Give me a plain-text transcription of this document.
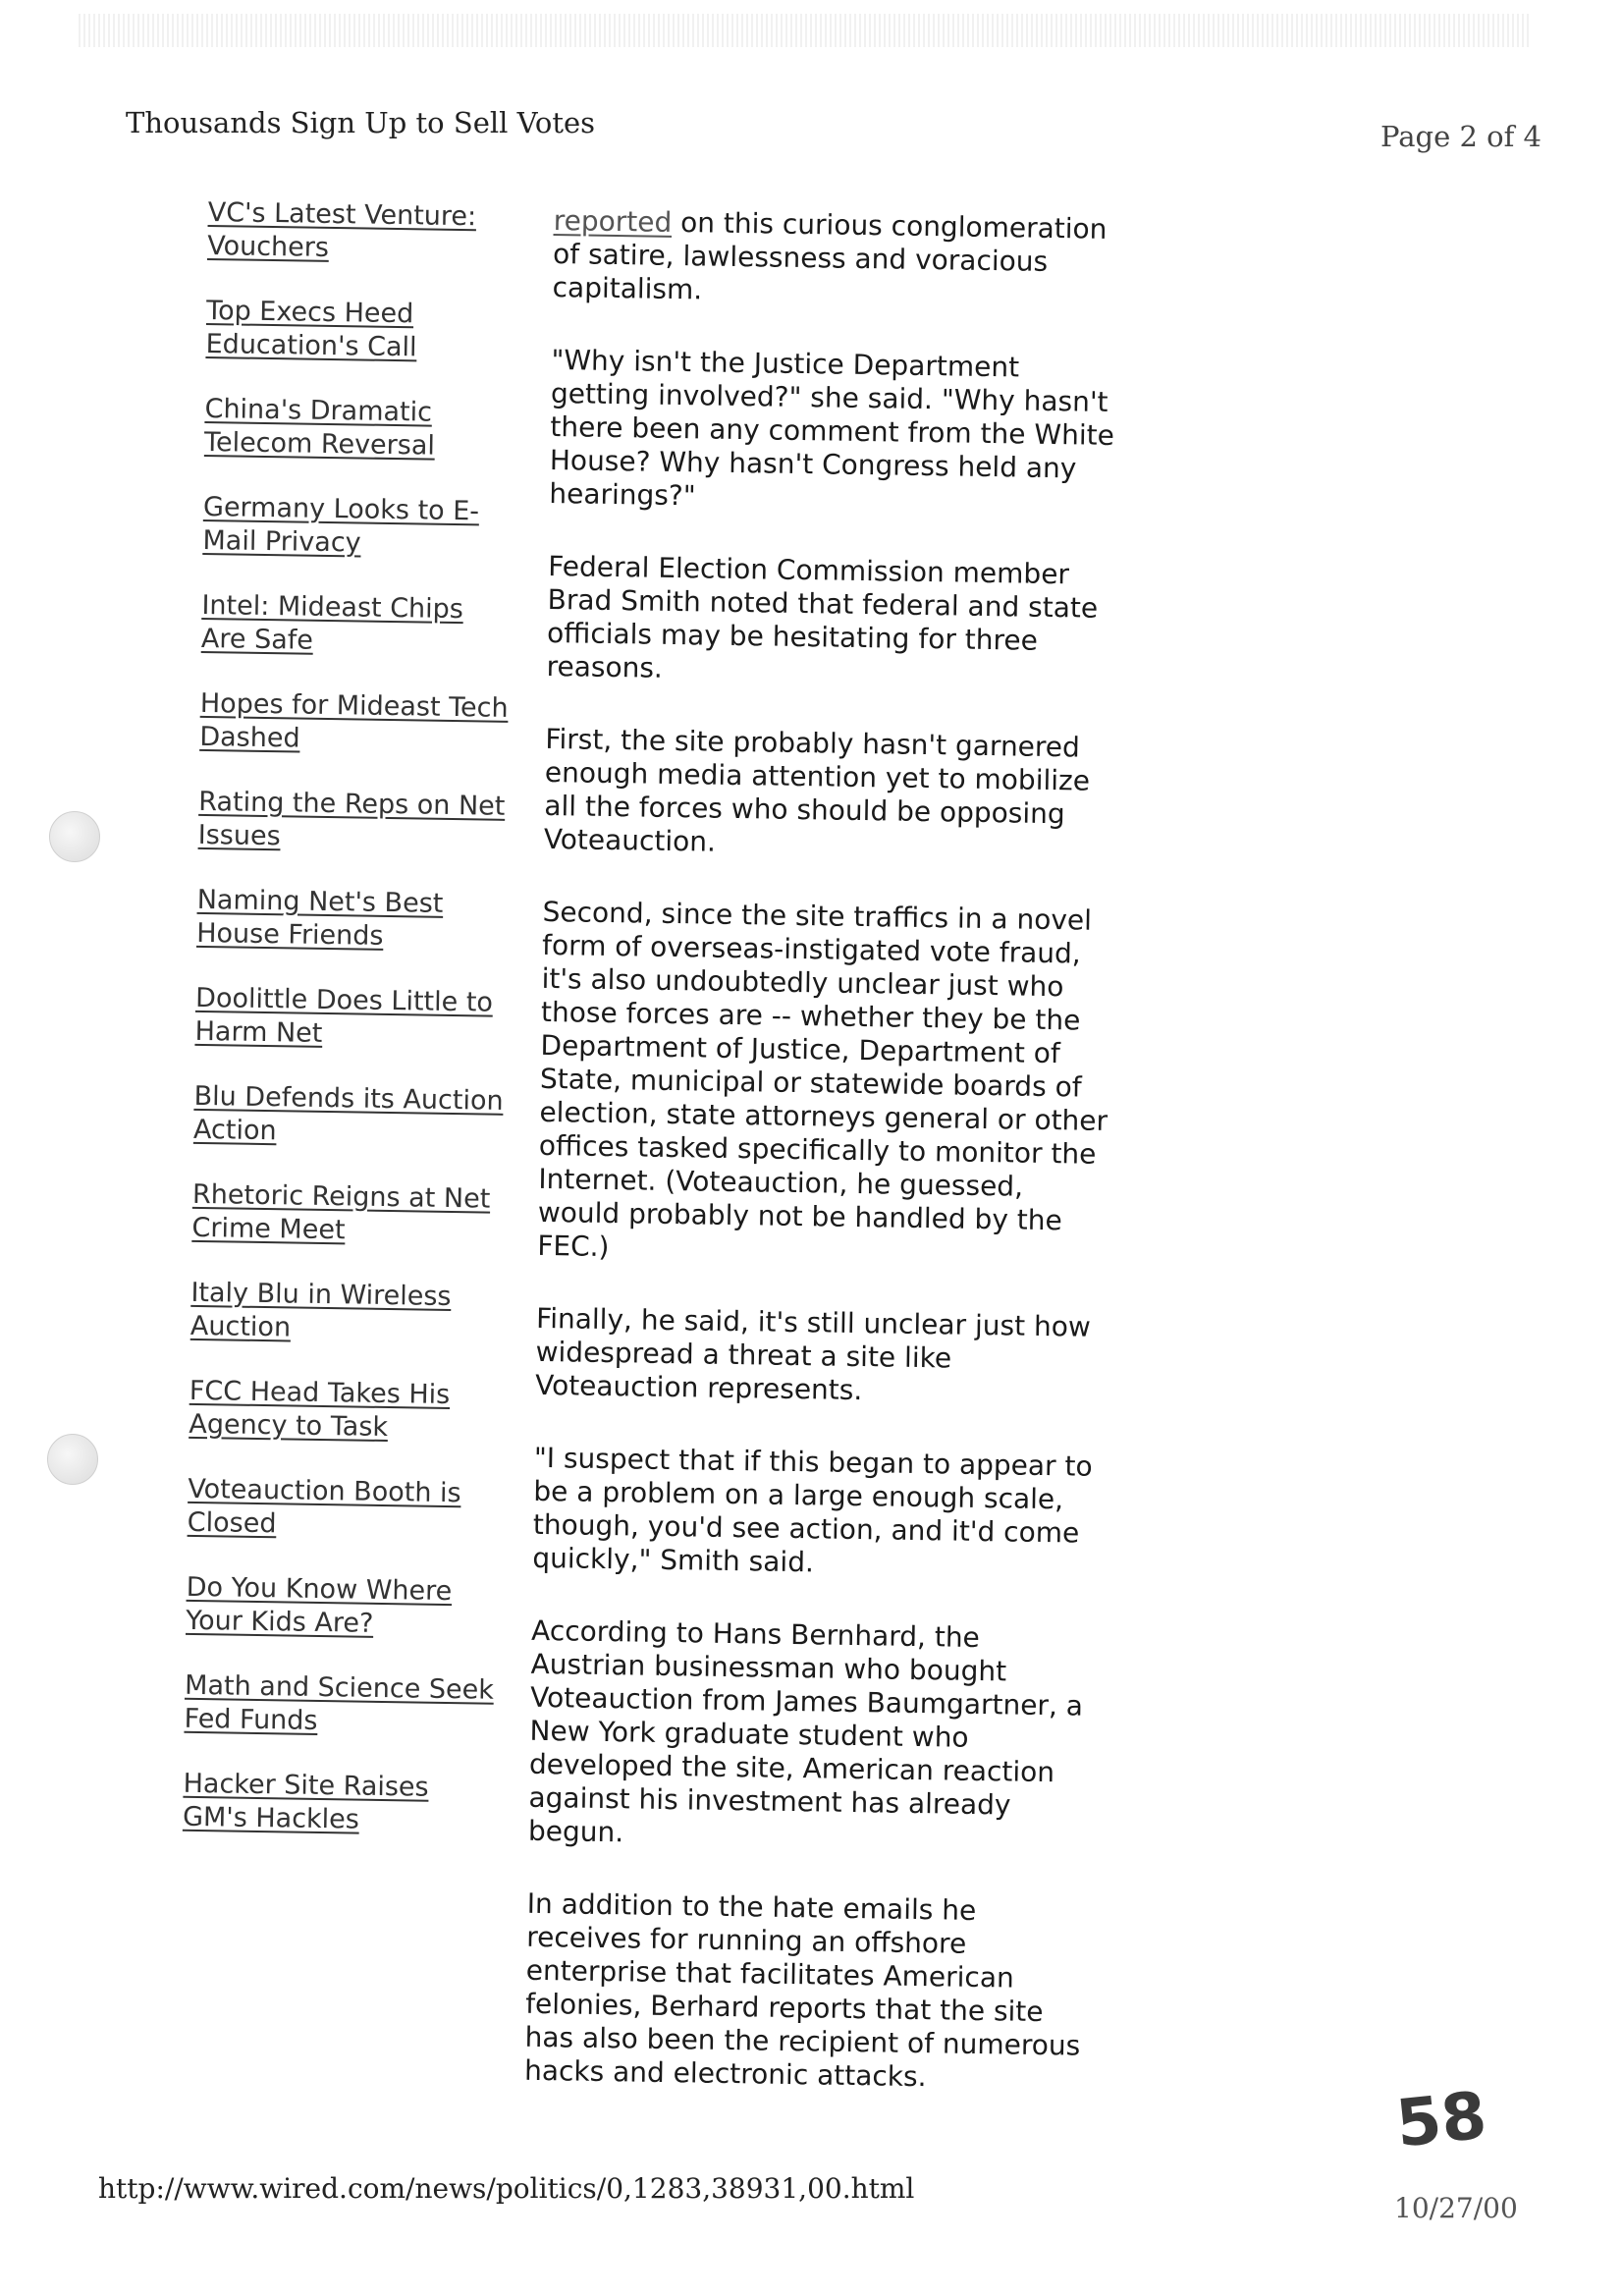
Thousands Sign Up to Sell Votes	Page 2 of 4
VC's Latest Venture: Vouchers
Top Execs Heed Education's Call
China's Dramatic Telecom Reversal
Germany Looks to E-Mail Privacy
Intel: Mideast Chips Are Safe
Hopes for Mideast Tech Dashed
Rating the Reps on Net Issues
Naming Net's Best House Friends
Doolittle Does Little to Harm Net
Blu Defends its Auction Action
Rhetoric Reigns at Net Crime Meet
Italy Blu in Wireless Auction
FCC Head Takes His Agency to Task
Voteauction Booth is Closed
Do You Know Where Your Kids Are?
Math and Science Seek Fed Funds
Hacker Site Raises GM's Hackles

reported on this curious conglomeration of satire, lawlessness and voracious capitalism.

"Why isn't the Justice Department getting involved?" she said. "Why hasn't there been any comment from the White House? Why hasn't Congress held any hearings?"

Federal Election Commission member Brad Smith noted that federal and state officials may be hesitating for three reasons.

First, the site probably hasn't garnered enough media attention yet to mobilize all the forces who should be opposing Voteauction.

Second, since the site traffics in a novel form of overseas-instigated vote fraud, it's also undoubtedly unclear just who those forces are -- whether they be the Department of Justice, Department of State, municipal or statewide boards of election, state attorneys general or other offices tasked specifically to monitor the Internet. (Voteauction, he guessed, would probably not be handled by the FEC.)

Finally, he said, it's still unclear just how widespread a threat a site like Voteauction represents.

"I suspect that if this began to appear to be a problem on a large enough scale, though, you'd see action, and it'd come quickly," Smith said.

According to Hans Bernhard, the Austrian businessman who bought Voteauction from James Baumgartner, a New York graduate student who developed the site, American reaction against his investment has already begun.

In addition to the hate emails he receives for running an offshore enterprise that facilitates American felonies, Berhard reports that the site has also been the recipient of numerous hacks and electronic attacks.

58
http://www.wired.com/news/politics/0,1283,38931,00.html
10/27/00
